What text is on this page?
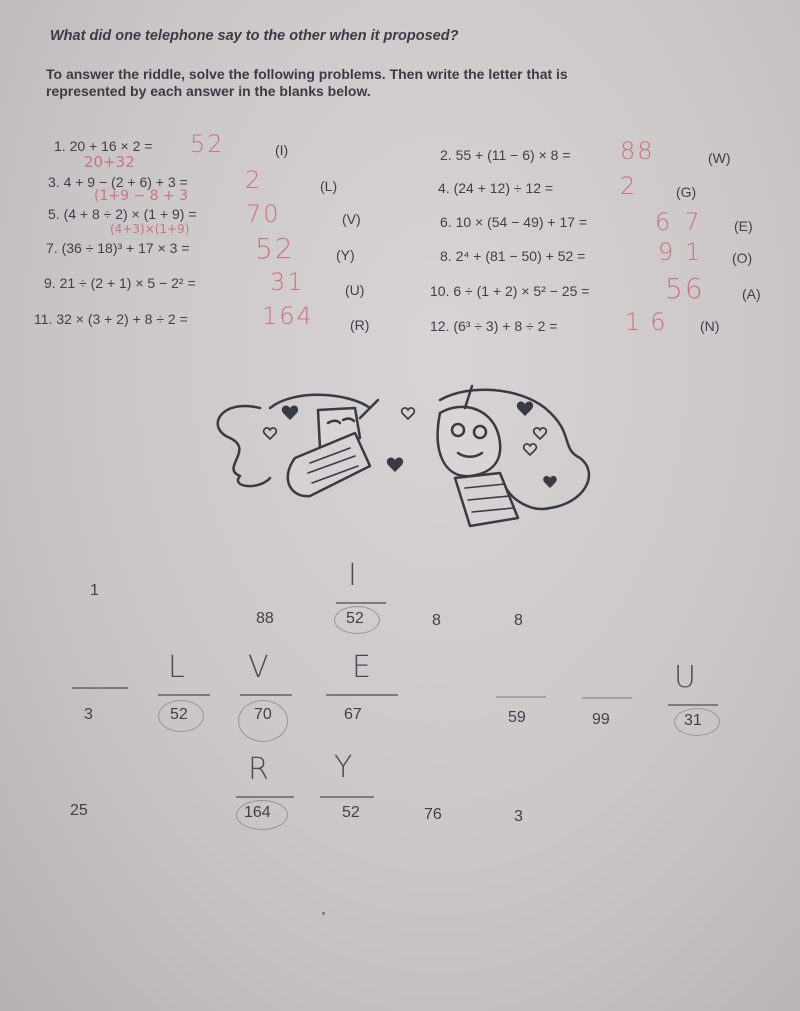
What did one telephone say to the other when it proposed?
To answer the riddle, solve the following problems. Then write the letter that is represented by each answer in the blanks below.
1. 20 + 16 × 2 = 52	(I)
20+32
3. 4 + 9 − (2 + 6) + 3 = 2	(L)
(1+9 − 8 + 3
5. (4 + 8 ÷ 2) × (1 + 9) = 70	(V)
(4+3)×(1+9)
7. (36 ÷ 18)³ + 17 × 3 = 52	(Y)
9. 21 ÷ (2 + 1) × 5 − 2² =	31	(U)
11. 32 × (3 + 2) + 8 ÷ 2 =	164	(R)
2. 55 + (11 − 6) × 8 = 88	(W)
4. (24 + 12) ÷ 12 =	2	(G)
6. 10 × (54 − 49) + 17 =	67 (E)
8. 2⁴ + (81 − 50) + 52 =	91 (O)
10. 6 ÷ (1 + 2) × 5² − 25 =	56	(A)
12. (6³ ÷ 3) + 8 ÷ 2 =	16 (N)
1
88
I
52	8	8
3
L
52
V
70
E
67	59	99
U
31
25
R
164
Y
52	76	3
